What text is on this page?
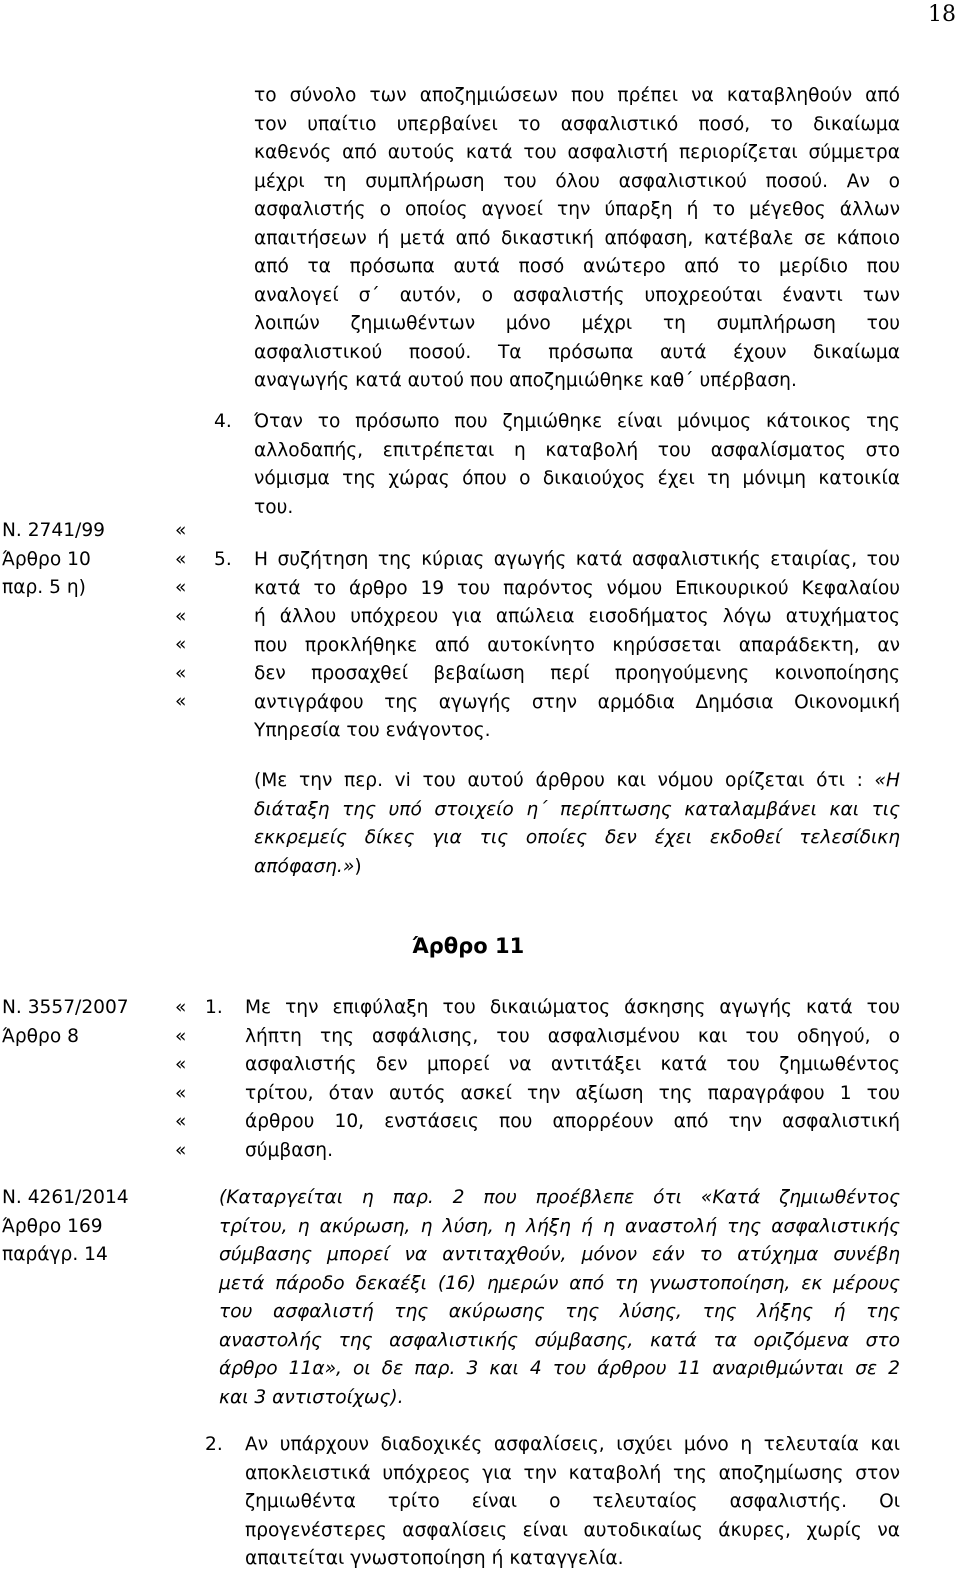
18
το σύνολο των αποζημιώσεων που πρέπει να καταβληθούν από
τον υπαίτιο υπερβαίνει το ασφαλιστικό ποσό, το δικαίωμα
καθενός από αυτούς κατά του ασφαλιστή περιορίζεται σύμμετρα
μέχρι τη συμπλήρωση του όλου ασφαλιστικού ποσού. Αν ο
ασφαλιστής ο οποίος αγνοεί την ύπαρξη ή το μέγεθος άλλων
απαιτήσεων ή μετά από δικαστική απόφαση, κατέβαλε σε κάποιο
από τα πρόσωπα αυτά ποσό ανώτερο από το μερίδιο που
αναλογεί σ΄ αυτόν, ο ασφαλιστής υποχρεούται έναντι των
λοιπών ζημιωθέντων μόνο μέχρι τη συμπλήρωση του
ασφαλιστικού ποσού. Τα πρόσωπα αυτά έχουν δικαίωμα
αναγωγής κατά αυτού που αποζημιώθηκε καθ΄ υπέρβαση.
4. Όταν το πρόσωπο που ζημιώθηκε είναι μόνιμος κάτοικος της
αλλοδαπής, επιτρέπεται η καταβολή του ασφαλίσματος στο
νόμισμα της χώρας όπου ο δικαιούχος έχει τη μόνιμη κατοικία
του.
Ν. 2741/99
Άρθρο 10
παρ. 5 η)
«
«
«
«
«
«
«
5. Η συζήτηση της κύριας αγωγής κατά ασφαλιστικής εταιρίας, του
κατά το άρθρο 19 του παρόντος νόμου Επικουρικού Κεφαλαίου
ή άλλου υπόχρεου για απώλεια εισοδήματος λόγω ατυχήματος
που προκλήθηκε από αυτοκίνητο κηρύσσεται απαράδεκτη, αν
δεν προσαχθεί βεβαίωση περί προηγούμενης κοινοποίησης
αντιγράφου της αγωγής στην αρμόδια Δημόσια Οικονομική
Υπηρεσία του ενάγοντος.
(Με την περ. vi του αυτού άρθρου και νόμου ορίζεται ότι : «Η
διάταξη της υπό στοιχείο η΄ περίπτωσης καταλαμβάνει και τις
εκκρεμείς δίκες για τις οποίες δεν έχει εκδοθεί τελεσίδικη
απόφαση.»)
Άρθρο 11
Ν. 3557/2007
Άρθρο 8
«
«
«
«
«
«
1. Με την επιφύλαξη του δικαιώματος άσκησης αγωγής κατά του
λήπτη της ασφάλισης, του ασφαλισμένου και του οδηγού, ο
ασφαλιστής δεν μπορεί να αντιτάξει κατά του ζημιωθέντος
τρίτου, όταν αυτός ασκεί την αξίωση της παραγράφου 1 του
άρθρου 10, ενστάσεις που απορρέουν από την ασφαλιστική
σύμβαση.
Ν. 4261/2014
Άρθρο 169
παράγρ. 14
(Καταργείται η παρ. 2 που προέβλεπε ότι «Κατά ζημιωθέντος
τρίτου, η ακύρωση, η λύση, η λήξη ή η αναστολή της ασφαλιστικής
σύμβασης μπορεί να αντιταχθούν, μόνον εάν το ατύχημα συνέβη
μετά πάροδο δεκαέξι (16) ημερών από τη γνωστοποίηση, εκ μέρους
του ασφαλιστή της ακύρωσης της λύσης, της λήξης ή της
αναστολής της ασφαλιστικής σύμβασης, κατά τα οριζόμενα στο
άρθρο 11α», οι δε παρ. 3 και 4 του άρθρου 11 αναριθμώνται σε 2
και 3 αντιστοίχως).
2. Αν υπάρχουν διαδοχικές ασφαλίσεις, ισχύει μόνο η τελευταία και
αποκλειστικά υπόχρεος για την καταβολή της αποζημίωσης στον
ζημιωθέντα τρίτο είναι ο τελευταίος ασφαλιστής. Οι
προγενέστερες ασφαλίσεις είναι αυτοδικαίως άκυρες, χωρίς να
απαιτείται γνωστοποίηση ή καταγγελία.
